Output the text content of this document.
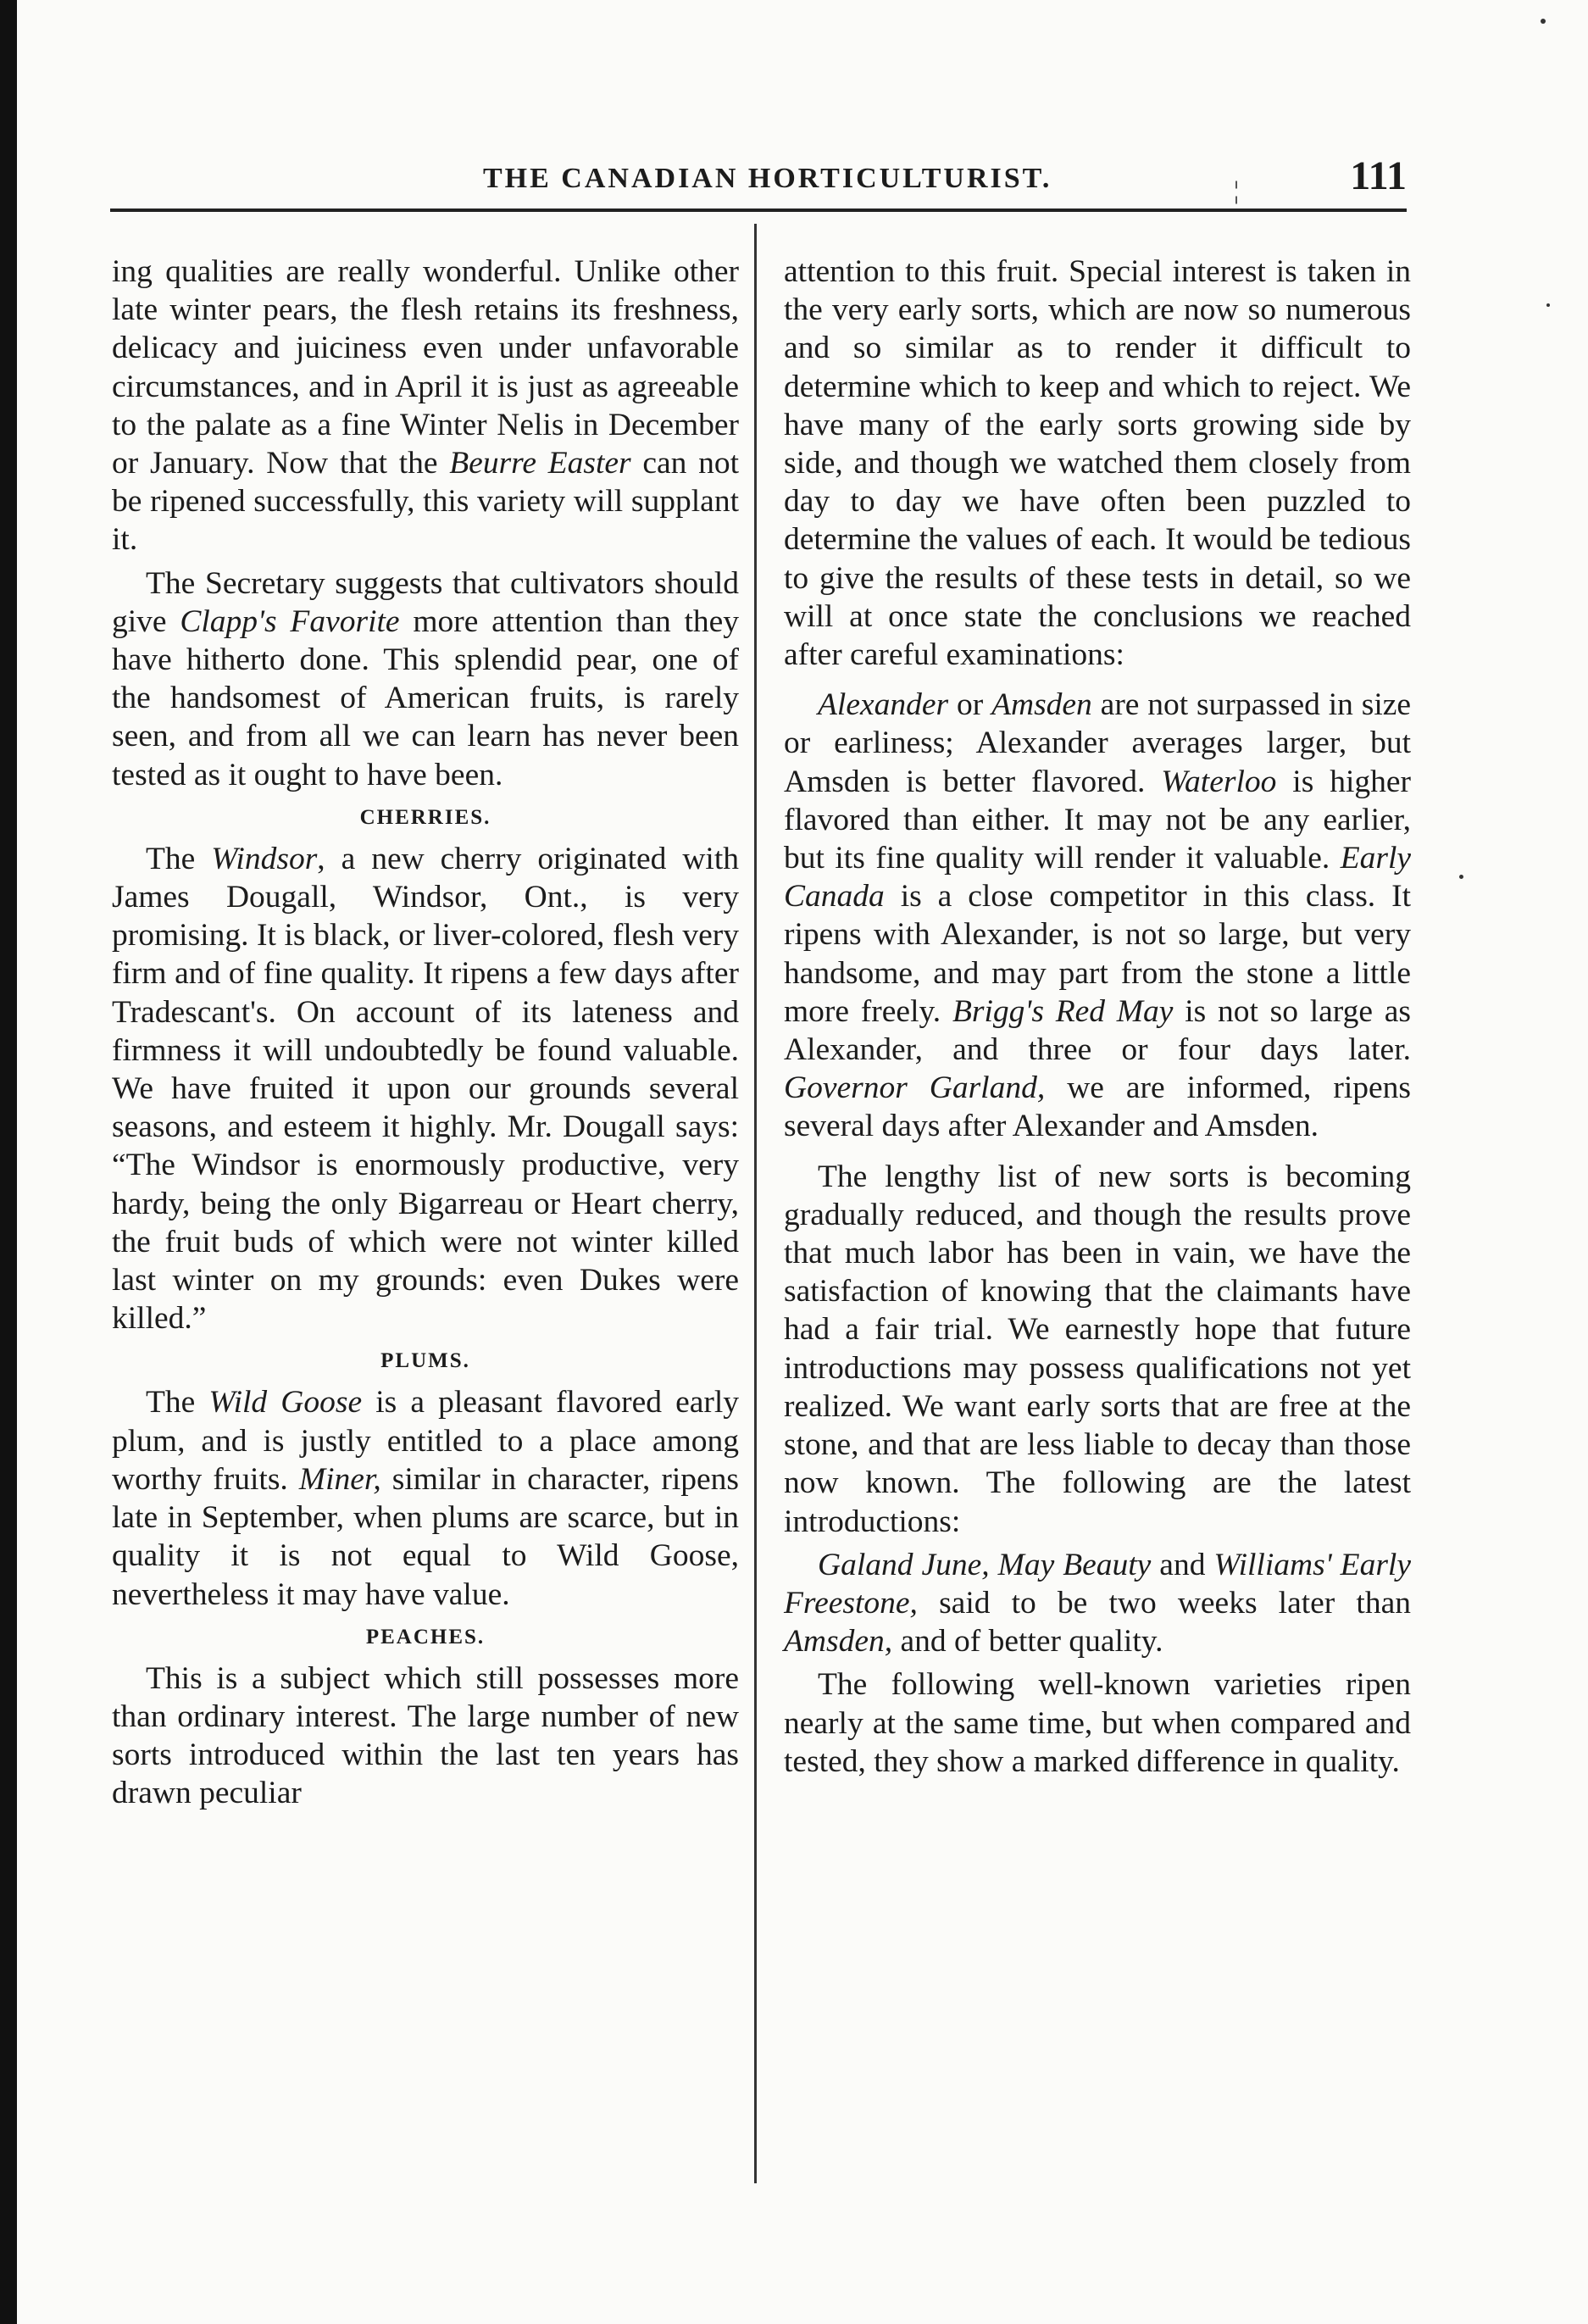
THE CANADIAN HORTICULTURIST.	¦	111

ing qualities are really wonderful. Unlike other late winter pears, the flesh retains its freshness, delicacy and juiciness even under unfavorable circumstances, and in April it is just as agreeable to the palate as a fine Winter Nelis in December or January. Now that the Beurre Easter can not be ripened successfully, this variety will supplant it.

The Secretary suggests that cultivators should give Clapp's Favorite more attention than they have hitherto done. This splendid pear, one of the handsomest of American fruits, is rarely seen, and from all we can learn has never been tested as it ought to have been.

CHERRIES.

The Windsor, a new cherry originated with James Dougall, Windsor, Ont., is very promising. It is black, or liver-colored, flesh very firm and of fine quality. It ripens a few days after Tradescant's. On account of its lateness and firmness it will undoubtedly be found valuable. We have fruited it upon our grounds several seasons, and esteem it highly. Mr. Dougall says: “The Windsor is enormously productive, very hardy, being the only Bigarreau or Heart cherry, the fruit buds of which were not winter killed last winter on my grounds: even Dukes were killed.”

PLUMS.

The Wild Goose is a pleasant flavored early plum, and is justly entitled to a place among worthy fruits. Miner, similar in character, ripens late in September, when plums are scarce, but in quality it is not equal to Wild Goose, nevertheless it may have value.

PEACHES.

This is a subject which still possesses more than ordinary interest. The large number of new sorts introduced within the last ten years has drawn peculiar

attention to this fruit. Special interest is taken in the very early sorts, which are now so numerous and so similar as to render it difficult to determine which to keep and which to reject. We have many of the early sorts growing side by side, and though we watched them closely from day to day we have often been puzzled to determine the values of each. It would be tedious to give the results of these tests in detail, so we will at once state the conclusions we reached after careful examinations:

Alexander or Amsden are not surpassed in size or earliness; Alexander averages larger, but Amsden is better flavored. Waterloo is higher flavored than either. It may not be any earlier, but its fine quality will render it valuable. Early Canada is a close competitor in this class. It ripens with Alexander, is not so large, but very handsome, and may part from the stone a little more freely. Brigg's Red May is not so large as Alexander, and three or four days later. Governor Garland, we are informed, ripens several days after Alexander and Amsden.

The lengthy list of new sorts is becoming gradually reduced, and though the results prove that much labor has been in vain, we have the satisfaction of knowing that the claimants have had a fair trial. We earnestly hope that future introductions may possess qualifications not yet realized. We want early sorts that are free at the stone, and that are less liable to decay than those now known. The following are the latest introductions:

Galand June, May Beauty and Williams' Early Freestone, said to be two weeks later than Amsden, and of better quality.

The following well-known varieties ripen nearly at the same time, but when compared and tested, they show a marked difference in quality.
